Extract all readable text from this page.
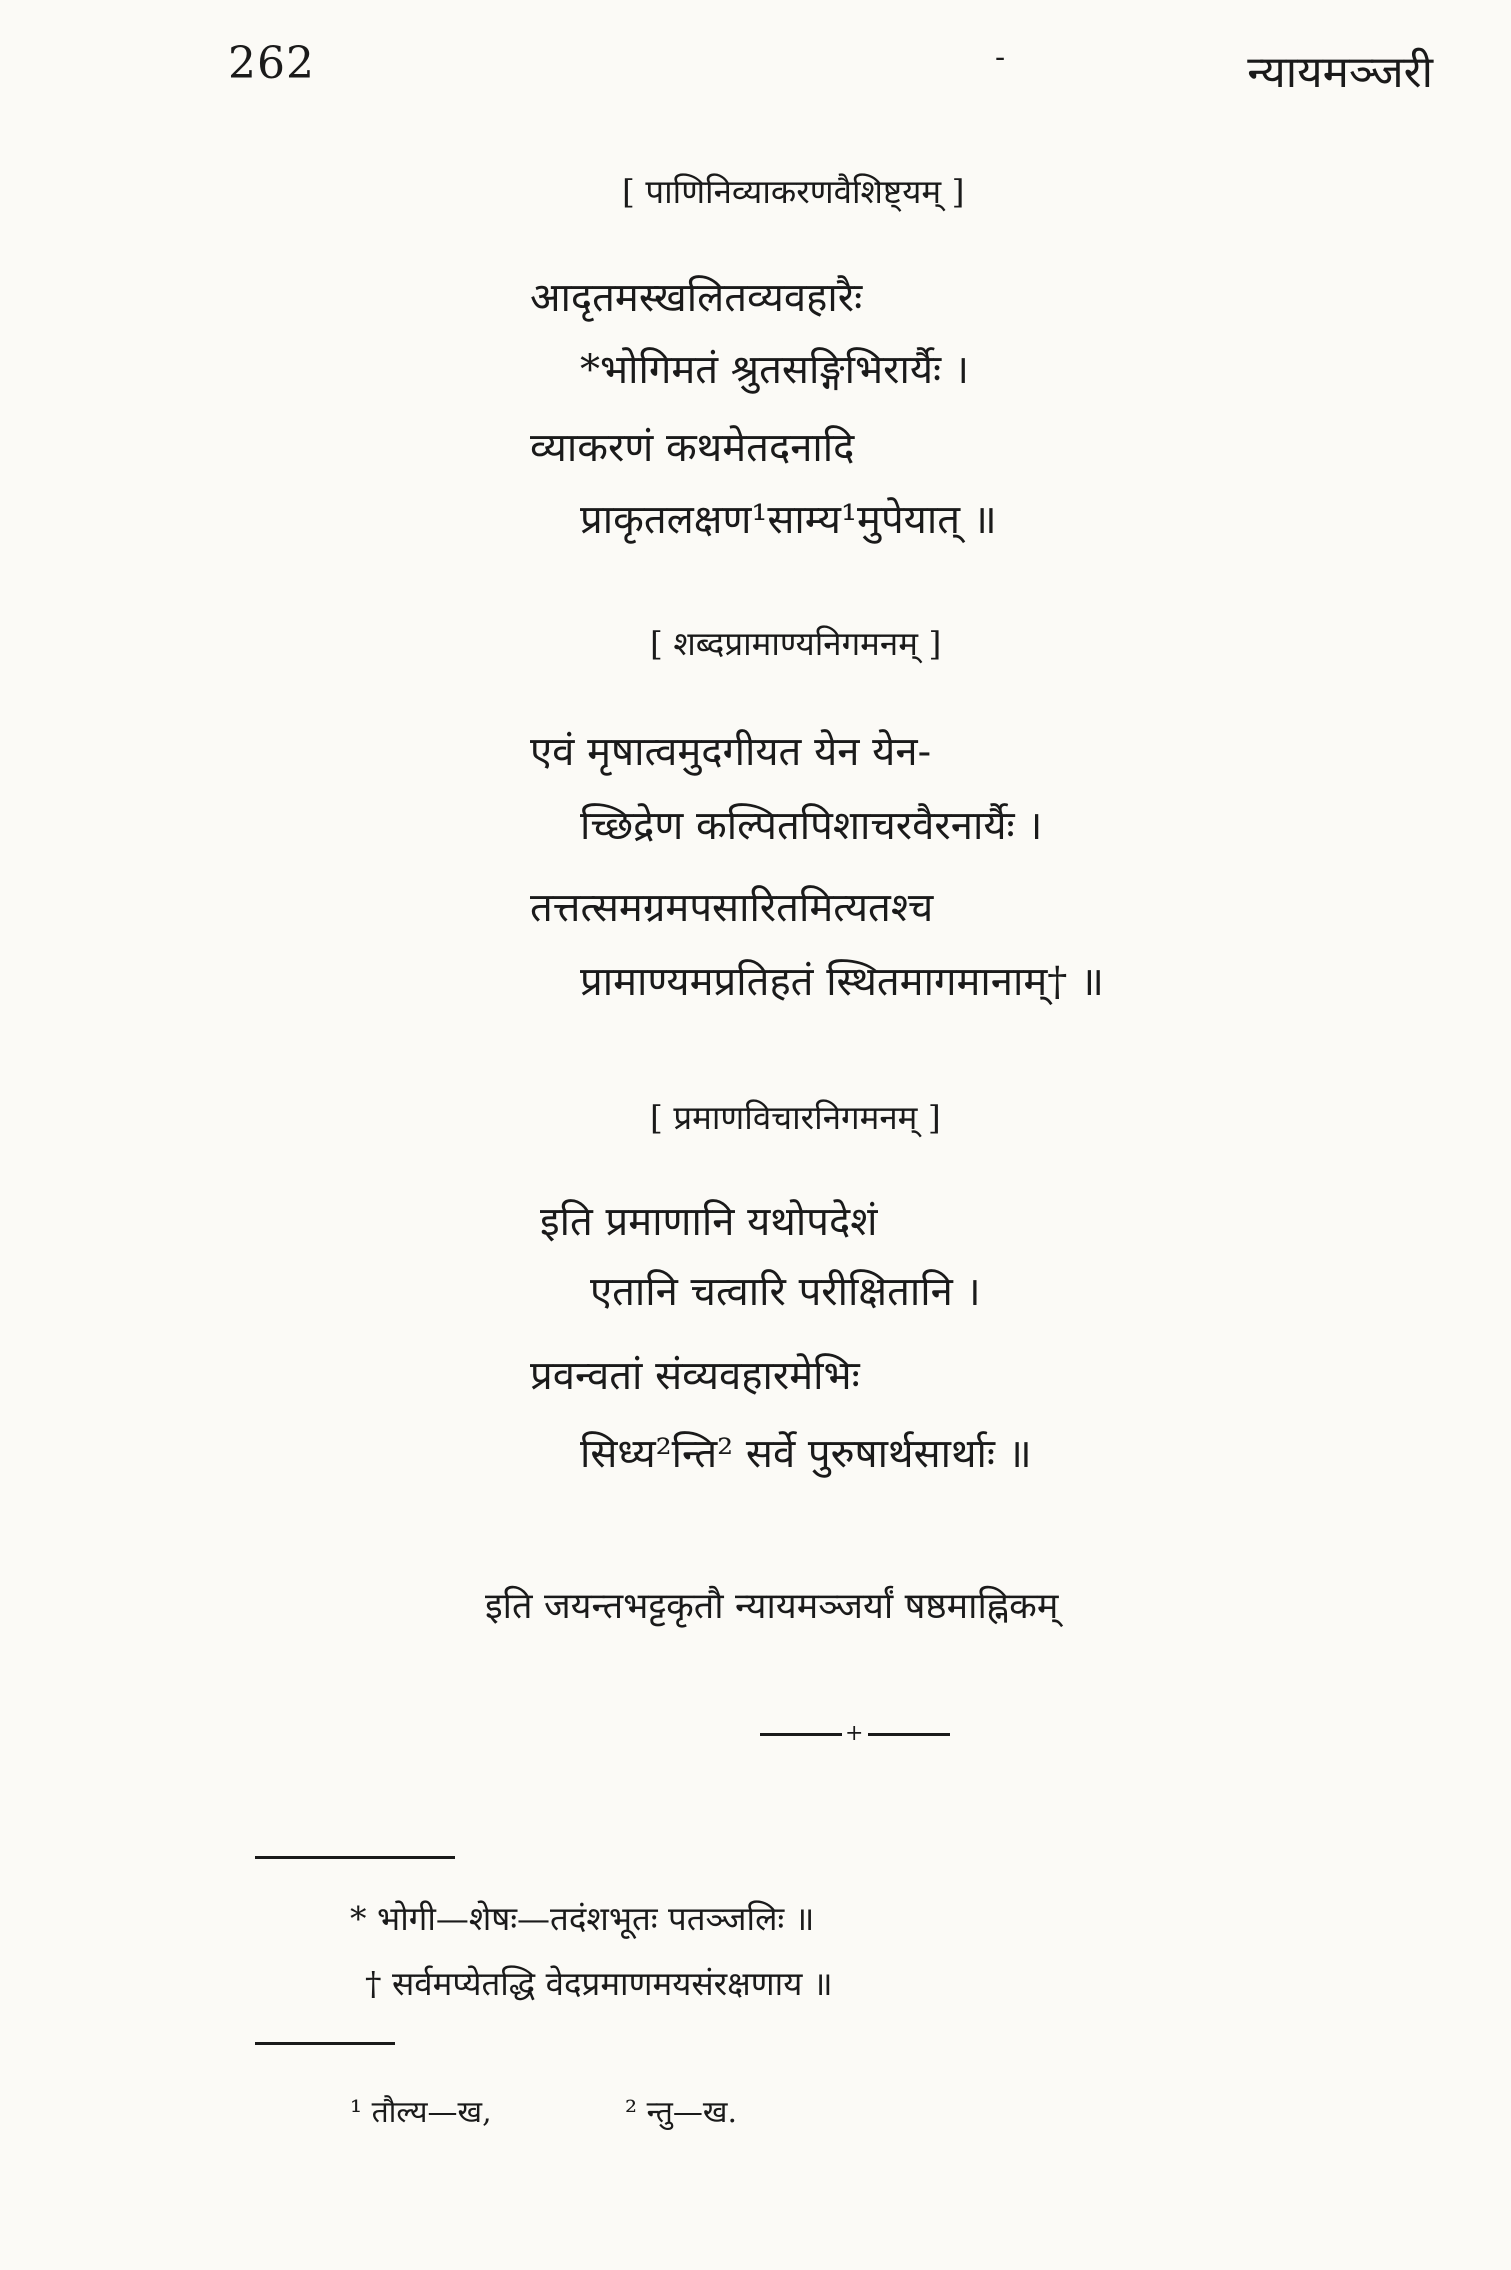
262	-	न्यायमञ्जरी
[ पाणिनिव्याकरणवैशिष्ट्यम् ]
आदृतमस्खलितव्यवहारैः
*भोगिमतं श्रुतसङ्गिभिरार्यैः ।
व्याकरणं कथमेतदनादि
प्राकृतलक्षण¹साम्य¹मुपेयात् ॥
[ शब्दप्रामाण्यनिगमनम् ]
एवं मृषात्वमुदगीयत येन येन-
च्छिद्रेण कल्पितपिशाचरवैरनार्यैः ।
तत्तत्समग्रमपसारितमित्यतश्च
प्रामाण्यमप्रतिहतं स्थितमागमानाम्† ॥
[ प्रमाणविचारनिगमनम् ]
इति प्रमाणानि यथोपदेशं
एतानि चत्वारि परीक्षितानि ।
प्रवन्वतां संव्यवहारमेभिः
सिध्य²न्ति² सर्वे पुरुषार्थसार्थाः ॥
इति जयन्तभट्टकृतौ न्यायमञ्जर्यां षष्ठमाह्निकम्
+
* भोगी—शेषः—तदंशभूतः पतञ्जलिः ॥
† सर्वमप्येतद्धि वेदप्रमाणमयसंरक्षणाय ॥
¹ तौल्य—ख,	² न्तु—ख.
